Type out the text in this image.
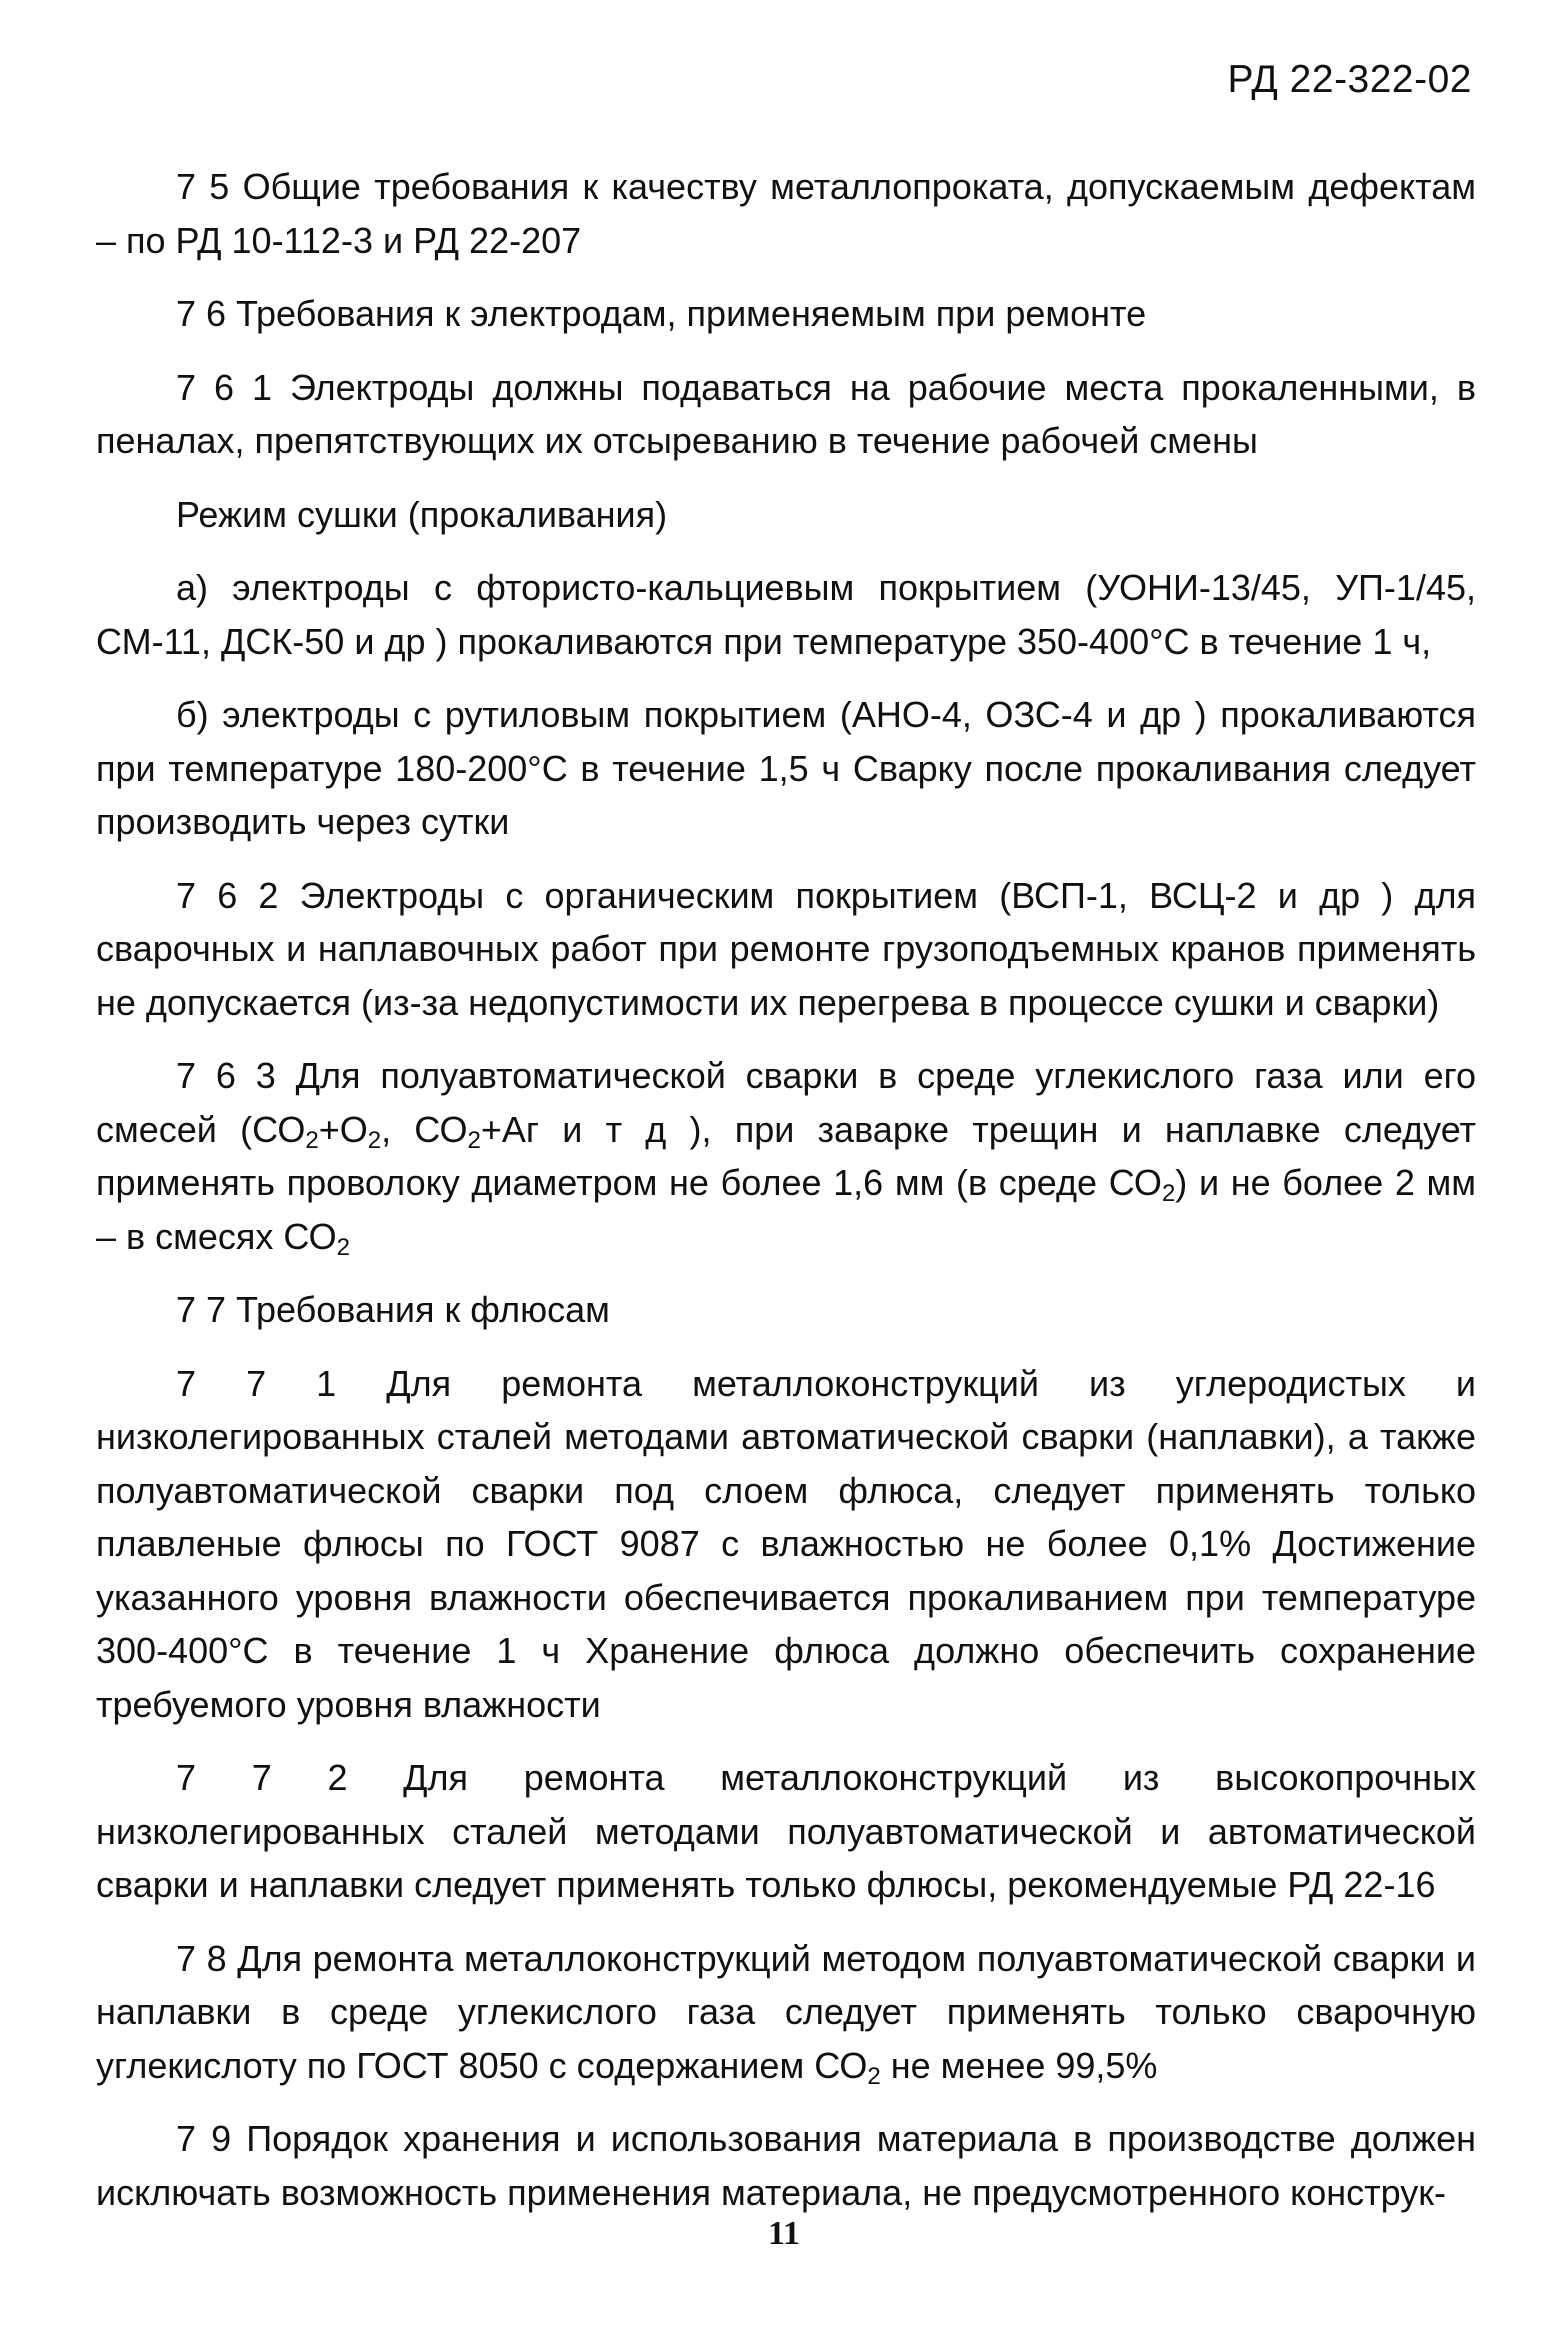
РД 22-322-02

7 5 Общие требования к качеству металлопроката, допускаемым дефектам – по РД 10-112-3 и РД 22-207

7 6 Требования к электродам, применяемым при ремонте

7 6 1 Электроды должны подаваться на рабочие места прокаленными, в пеналах, препятствующих их отсыреванию в течение рабочей смены

Режим сушки (прокаливания)

а) электроды с фтористо-кальциевым покрытием (УОНИ-13/45, УП-1/45, СМ-11, ДСК-50 и др ) прокаливаются при температуре 350-400°С в течение 1 ч,

б) электроды с рутиловым покрытием (АНО-4, ОЗС-4 и др ) прокаливаются при температуре 180-200°С в течение 1,5 ч Сварку после прокаливания следует производить через сутки

7 6 2 Электроды с органическим покрытием (ВСП-1, ВСЦ-2 и др ) для сварочных и наплавочных работ при ремонте грузоподъемных кранов применять не допускается (из-за недопустимости их перегрева в процессе сушки и сварки)

7 6 3 Для полуавтоматической сварки в среде углекислого газа или его смесей ($СО_2+О_2$, $СО_2+Аг$ и т д ), при заварке трещин и наплавке следует применять проволоку диаметром не более 1,6 мм (в среде $СО_2$) и не более 2 мм – в смесях $СО_2$

7 7 Требования к флюсам

7 7 1 Для ремонта металлоконструкций из углеродистых и низколегированных сталей методами автоматической сварки (наплавки), а также полуавтоматической сварки под слоем флюса, следует применять только плавленые флюсы по ГОСТ 9087 с влажностью не более 0,1% Достижение указанного уровня влажности обеспечивается прокаливанием при температуре 300-400°С в течение 1 ч Хранение флюса должно обеспечить сохранение требуемого уровня влажности

7 7 2 Для ремонта металлоконструкций из высокопрочных низколегированных сталей методами полуавтоматической и автоматической сварки и наплавки следует применять только флюсы, рекомендуемые РД 22-16

7 8 Для ремонта металлоконструкций методом полуавтоматической сварки и наплавки в среде углекислого газа следует применять только сварочную углекислоту по ГОСТ 8050 с содержанием $СО_2$ не менее 99,5%

7 9 Порядок хранения и использования материала в производстве должен исключать возможность применения материала, не предусмотренного конструк-

11
